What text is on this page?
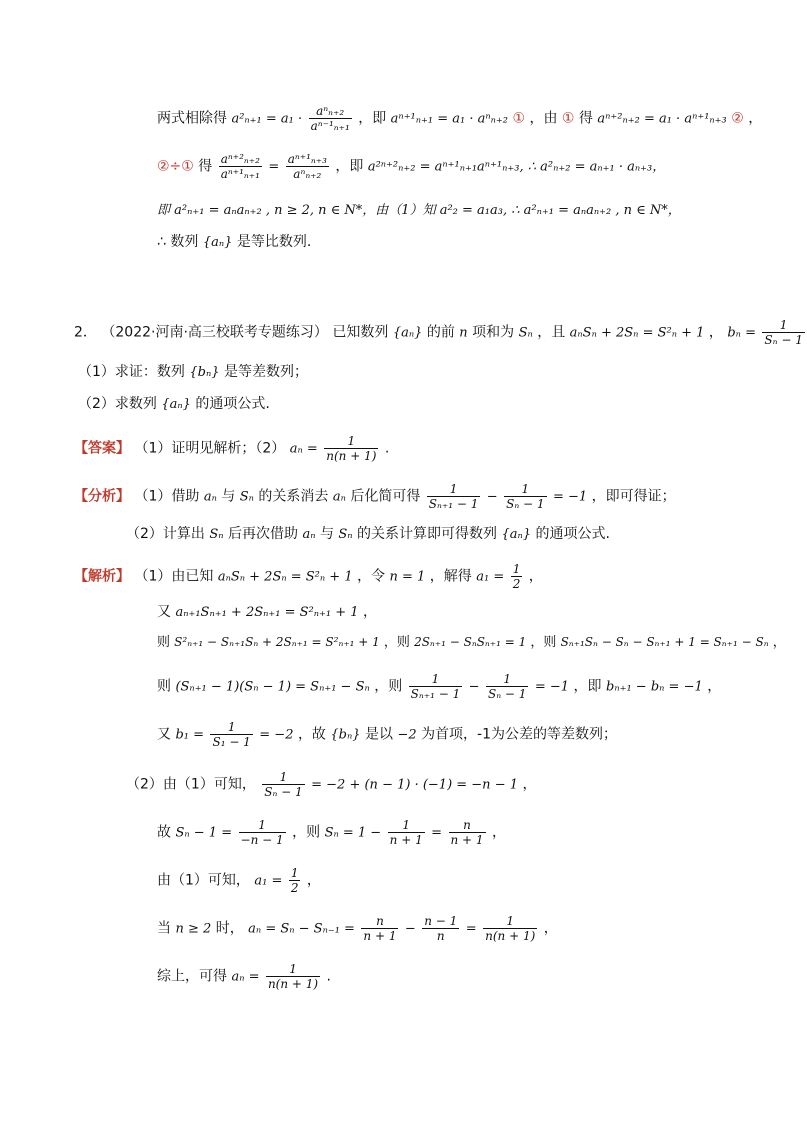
两式相除得 $a^2_{n+1} = a_1 \cdot \frac{\text{aⁿₙ₊₂}}{\text{aⁿ⁻¹ₙ₊₁}}$ ，即 aⁿ⁺¹ₙ₊₁ = a₁ · aⁿₙ₊₂ ① ，由 ① 得 aⁿ⁺²ₙ₊₂ = a₁ · aⁿ⁺¹ₙ₊₃ ② ，
②÷① 得 $\frac{\text{aⁿ⁺²ₙ₊₂}}{\text{aⁿ⁺¹ₙ₊₁}} = \frac{\text{aⁿ⁺¹ₙ₊₃}}{\text{aⁿₙ₊₂}}$ ，即 a²ⁿ⁺²ₙ₊₂ = aⁿ⁺¹ₙ₊₁aⁿ⁺¹ₙ₊₃, ∴ a²ₙ₊₂ = aₙ₊₁ · aₙ₊₃，
即 a²ₙ₊₁ = aₙaₙ₊₂ , n ≥ 2, n ∈ N*，由（1）知 a²₂ = a₁a₃, ∴ a²ₙ₊₁ = aₙaₙ₊₂ , n ∈ N*，
∴ 数列 {aₙ} 是等比数列.
2． （2022·河南·高三校联考专题练习） 已知数列 {aₙ} 的前 n 项和为 Sₙ ，且 aₙSₙ + 2Sₙ = S²ₙ + 1 ， $b_n = \frac{1}{\text{Sₙ − 1}}$
（1）求证：数列 {bₙ} 是等差数列；
（2）求数列 {aₙ} 的通项公式.
【答案】 （1）证明见解析；（2） $a_n = \frac{1}{n(n + 1)}$ .
【分析】 （1）借助 aₙ 与 Sₙ 的关系消去 aₙ 后化简可得 $\frac{1}{\text{Sₙ₊₁ − 1}} - \frac{1}{\text{Sₙ − 1}} = -1$ ，即可得证；
（2）计算出 Sₙ 后再次借助 aₙ 与 Sₙ 的关系计算即可得数列 {aₙ} 的通项公式.
【解析】 （1）由已知 aₙSₙ + 2Sₙ = S²ₙ + 1 ，令 n = 1 ，解得 $a_1 = \frac{1}{2}$ ，
又 aₙ₊₁Sₙ₊₁ + 2Sₙ₊₁ = S²ₙ₊₁ + 1 ，
则 S²ₙ₊₁ − Sₙ₊₁Sₙ + 2Sₙ₊₁ = S²ₙ₊₁ + 1 ，则 2Sₙ₊₁ − SₙSₙ₊₁ = 1 ，则 Sₙ₊₁Sₙ − Sₙ − Sₙ₊₁ + 1 = Sₙ₊₁ − Sₙ ，
则 (Sₙ₊₁ − 1)(Sₙ − 1) = Sₙ₊₁ − Sₙ ，则 $\frac{1}{\text{Sₙ₊₁ − 1}} - \frac{1}{\text{Sₙ − 1}} = -1$ ，即 bₙ₊₁ − bₙ = −1 ，
又 $b_1 = \frac{1}{\text{S₁ − 1}} = -2$ ，故 {bₙ} 是以 −2 为首项，-1为公差的等差数列；
（2）由（1）可知， $\frac{1}{\text{Sₙ − 1}} = -2 + (n - 1) \cdot (-1) = -n - 1$ ，
故 $S_n - 1 = \frac{1}{-n - 1}$ ，则 $S_n = 1 - \frac{1}{n + 1} = \frac{n}{n + 1}$ ，
由（1）可知， $a_1 = \frac{1}{2}$ ，
当 n ≥ 2 时， $a_n = S_n - S_{n-1} = \frac{n}{n + 1} - \frac{n - 1}{n} = \frac{1}{n(n + 1)}$ ，
综上，可得 $a_n = \frac{1}{n(n + 1)}$ .
